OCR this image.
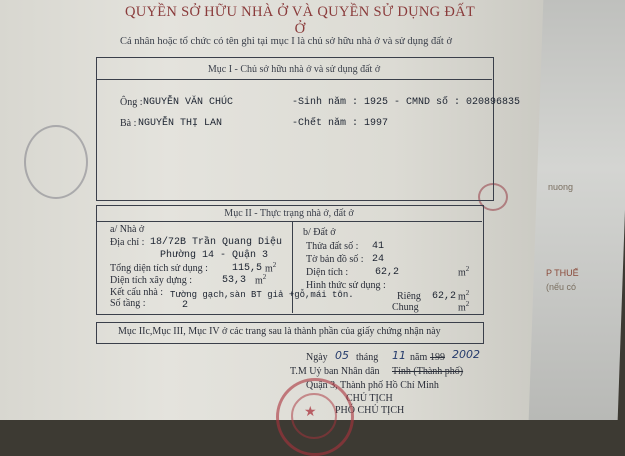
nuong
P THUẾ
(nếu có
QUYỀN SỞ HỮU NHÀ Ở VÀ QUYỀN SỬ DỤNG ĐẤT Ở
Cá nhân hoặc tổ chức có tên ghi tại mục I là chủ sở hữu nhà ở và sử dụng đất ở
Mục I - Chủ sở hữu nhà ở và sử dụng đất ở
Ông : NGUYỄN VĂN CHÚC	-Sinh năm : 1925 - CMND số : 020896835
Bà : NGUYỄN THỊ LAN	-Chết năm : 1997
Mục II - Thực trạng nhà ở, đất ở
a/ Nhà ở
Địa chỉ : 18/72B Trần Quang Diệu
Phường 14 - Quận 3
Tổng diện tích sử dụng : 115,5 $m^2$
Diện tích xây dựng :	53,3 $m^2$
Kết cấu nhà : Tường gạch,sàn BT giả +gỗ,mái tôn.
Số tầng :	2
b/ Đất ở
Thửa đất số : 41
Tờ bản đồ số : 24
Diện tích :	62,2	$m^2$
Hình thức sử dụng :
Riêng 62,2 $m^2$
Chung	$m^2$
Mục IIc,Mục III, Mục IV ở các trang sau là thành phần của giấy chứng nhận này
Ngày 05 tháng 11 năm 199 2002
T.M Uỷ ban Nhân dân Tỉnh (Thành phố)
Quận 3, Thành phố Hồ Chí Minh
CHỦ TỊCH
PHÓ CHỦ TỊCH
★
